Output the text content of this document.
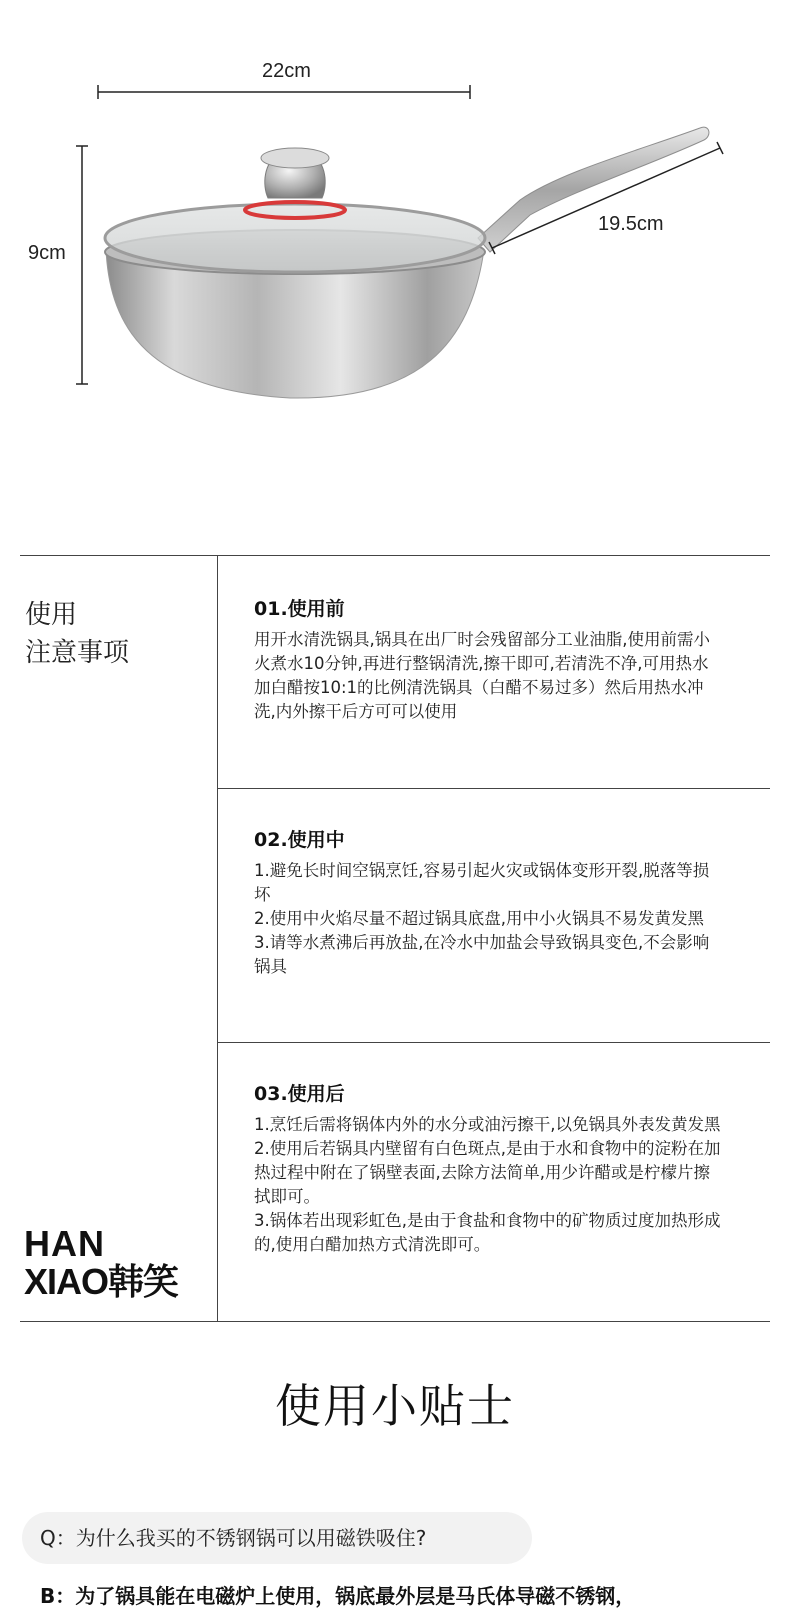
22cm
9cm
19.5cm
使用
注意事项
HAN
XIAO韩笑
01.使用前

用开水清洗锅具,锅具在出厂时会残留部分工业油脂,使用前需小火煮水10分钟,再进行整锅清洗,擦干即可,若清洗不净,可用热水加白醋按10:1的比例清洗锅具（白醋不易过多）然后用热水冲洗,内外擦干后方可可以使用

02.使用中

1.避免长时间空锅烹饪,容易引起火灾或锅体变形开裂,脱落等损坏

2.使用中火焰尽量不超过锅具底盘,用中小火锅具不易发黄发黑

3.请等水煮沸后再放盐,在冷水中加盐会导致锅具变色,不会影响锅具

03.使用后

1.烹饪后需将锅体内外的水分或油污擦干,以免锅具外表发黄发黑

2.使用后若锅具内壁留有白色斑点,是由于水和食物中的淀粉在加热过程中附在了锅壁表面,去除方法简单,用少许醋或是柠檬片擦拭即可。

3.锅体若出现彩虹色,是由于食盐和食物中的矿物质过度加热形成的,使用白醋加热方式清洗即可。

使用小贴士
Q：为什么我买的不锈钢锅可以用磁铁吸住?
B：为了锅具能在电磁炉上使用，锅底最外层是马氏体导磁不锈钢，
